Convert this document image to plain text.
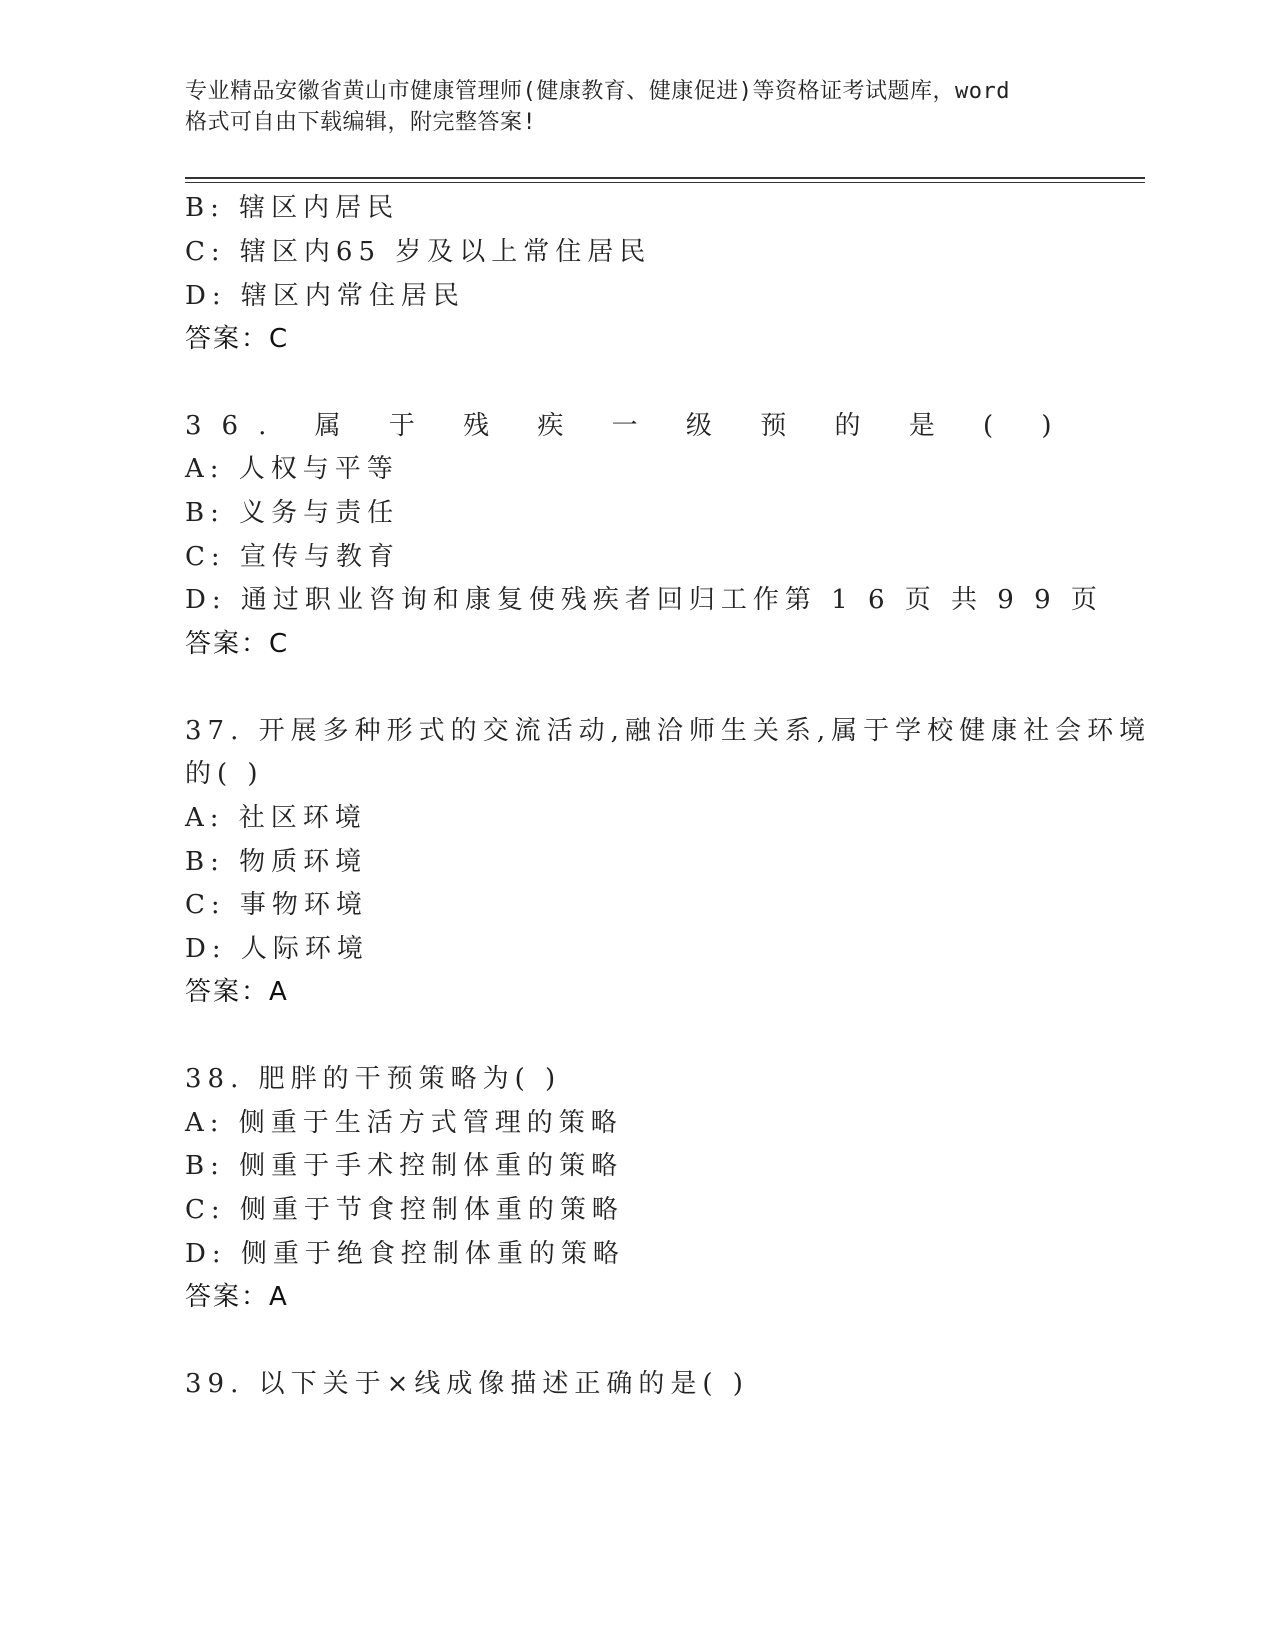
专业精品安徽省黄山市健康管理师(健康教育、健康促进)等资格证考试题库，word
格式可自由下载编辑，附完整答案!
B: 辖区内居民
C: 辖区内65 岁及以上常住居民
D: 辖区内常住居民
答案：C
36. 属 于 残 疾 一 级 预 的 是 ( )
A: 人权与平等
B: 义务与责任
C: 宣传与教育
D: 通过职业咨询和康复使残疾者回归工作第 1 6 页 共 9 9 页
答案：C
37. 开展多种形式的交流活动,融洽师生关系,属于学校健康社会环境
的( )
A: 社区环境
B: 物质环境
C: 事物环境
D: 人际环境
答案：A
38. 肥胖的干预策略为( )
A: 侧重于生活方式管理的策略
B: 侧重于手术控制体重的策略
C: 侧重于节食控制体重的策略
D: 侧重于绝食控制体重的策略
答案：A
39. 以下关于×线成像描述正确的是( )
